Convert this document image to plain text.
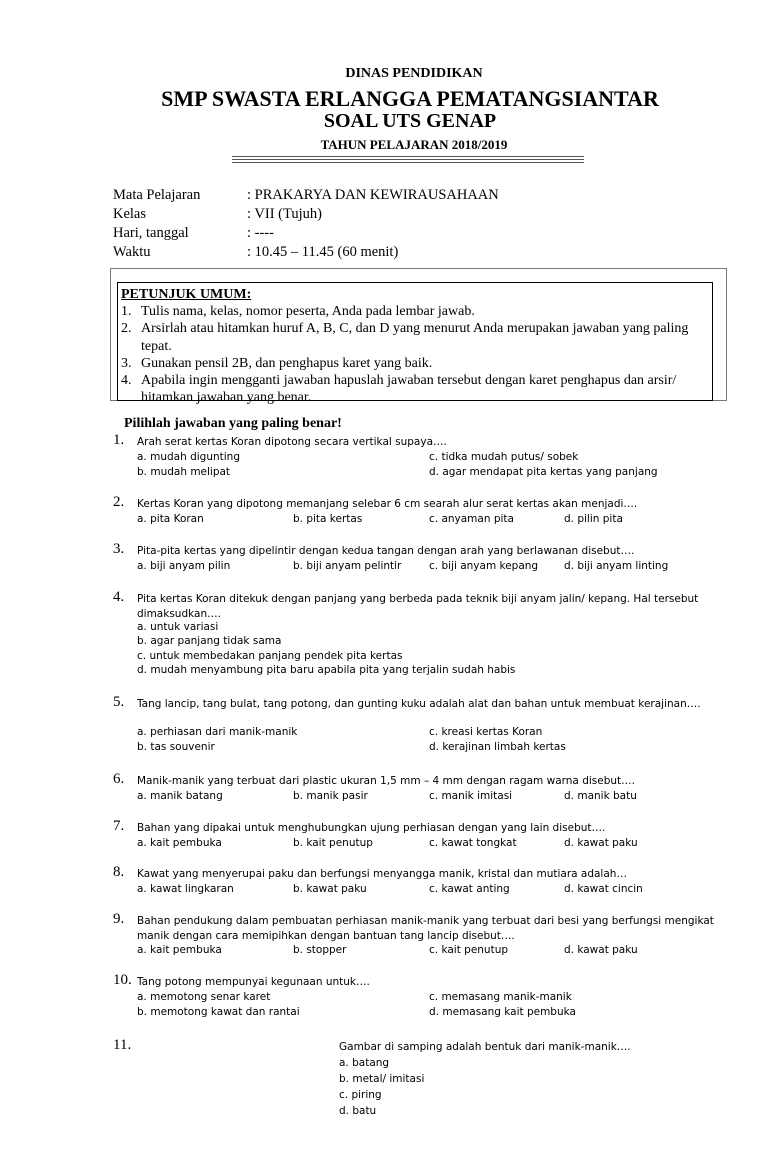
DINAS PENDIDIKAN
SMP SWASTA ERLANGGA PEMATANGSIANTAR
SOAL UTS GENAP
TAHUN PELAJARAN 2018/2019
Mata Pelajaran	: PRAKARYA DAN KEWIRAUSAHAAN
Kelas	: VII (Tujuh)
Hari, tanggal	: ----
Waktu	: 10.45 – 11.45 (60 menit)
PETUNJUK UMUM:
1. Tulis nama, kelas, nomor peserta, Anda pada lembar jawab.
2. Arsirlah atau hitamkan huruf A, B, C, dan D yang menurut Anda merupakan jawaban yang paling tepat.
3. Gunakan pensil 2B, dan penghapus karet yang baik.
4. Apabila ingin mengganti jawaban hapuslah jawaban tersebut dengan karet penghapus dan arsir/ hitamkan jawaban yang benar.
Pilihlah jawaban yang paling benar!
1.	Arah serat kertas Koran dipotong secara vertikal supaya….
a. mudah digunting
b. mudah melipat
c. tidka mudah putus/ sobek
d. agar mendapat pita kertas yang panjang
2.	Kertas Koran yang dipotong memanjang selebar 6 cm searah alur serat kertas akan menjadi….
a. pita Koran	b. pita kertas	c. anyaman pita	d. pilin pita
3.	Pita-pita kertas yang dipelintir dengan kedua tangan dengan arah yang berlawanan disebut….
a. biji anyam pilin	b. biji anyam pelintir	c. biji anyam kepang d. biji anyam linting
4.	Pita kertas Koran ditekuk dengan panjang yang berbeda pada teknik biji anyam jalin/ kepang. Hal tersebut dimaksudkan….
a. untuk variasi
b. agar panjang tidak sama
c. untuk membedakan panjang pendek pita kertas
d. mudah menyambung pita baru apabila pita yang terjalin sudah habis
5.	Tang lancip, tang bulat, tang potong, dan gunting kuku adalah alat dan bahan untuk membuat kerajinan….
a. perhiasan dari manik-manik
b. tas souvenir
c. kreasi kertas Koran
d. kerajinan limbah kertas
6.	Manik-manik yang terbuat dari plastic ukuran 1,5 mm – 4 mm dengan ragam warna disebut….
a. manik batang	b. manik pasir	c. manik imitasi	d. manik batu
7.	Bahan yang dipakai untuk menghubungkan ujung perhiasan dengan yang lain disebut….
a. kait pembuka	b. kait penutup	c. kawat tongkat	d. kawat paku
8.	Kawat yang menyerupai paku dan berfungsi menyangga manik, kristal dan mutiara adalah…
a. kawat lingkaran	b. kawat paku	c. kawat anting	d. kawat cincin
9.	Bahan pendukung dalam pembuatan perhiasan manik-manik yang terbuat dari besi yang berfungsi mengikat manik dengan cara memipihkan dengan bantuan tang lancip disebut….
a. kait pembuka	b. stopper	c. kait penutup	d. kawat paku
10. Tang potong mempunyai kegunaan untuk….
a. memotong senar karet
b. memotong kawat dan rantai
c. memasang manik-manik
d. memasang kait pembuka
11.	Gambar di samping adalah bentuk dari manik-manik….
a. batang
b. metal/ imitasi
c. piring
d. batu
